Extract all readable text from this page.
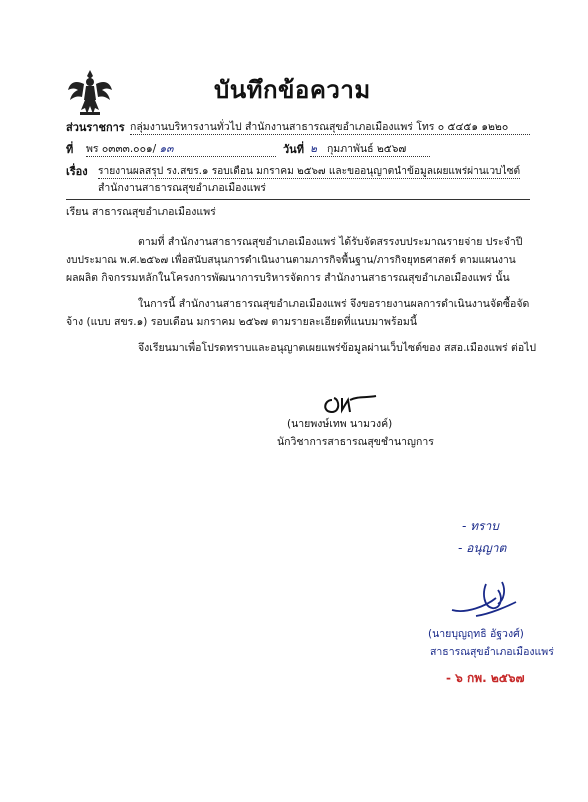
บันทึกข้อความ
ส่วนราชการ กลุ่มงานบริหารงานทั่วไป สำนักงานสาธารณสุขอำเภอเมืองแพร่ โทร ๐ ๕๔๕๑ ๑๒๒๐
ที่ พร ๐๓๓๓.๐๐๑/ ๑๓	วันที่ ๒ กุมภาพันธ์ ๒๕๖๗
เรื่อง รายงานผลสรุป รง.สขร.๑ รอบเดือน มกราคม ๒๕๖๗ และขออนุญาตนำข้อมูลเผยแพร่ผ่านเวบไซต์
สำนักงานสาธารณสุขอำเภอเมืองแพร่
เรียน สาธารณสุขอำเภอเมืองแพร่
ตามที่ สำนักงานสาธารณสุขอำเภอเมืองแพร่ ได้รับจัดสรรงบประมาณรายจ่าย ประจำปี
งบประมาณ พ.ศ.๒๕๖๗ เพื่อสนับสนุนการดำเนินงานตามภารกิจพื้นฐาน/ภารกิจยุทธศาสตร์ ตามแผนงาน
ผลผลิต กิจกรรมหลักในโครงการพัฒนาการบริหารจัดการ สำนักงานสาธารณสุขอำเภอเมืองแพร่ นั้น
ในการนี้ สำนักงานสาธารณสุขอำเภอเมืองแพร่ จึงขอรายงานผลการดำเนินงานจัดซื้อจัด
จ้าง (แบบ สขร.๑) รอบเดือน มกราคม ๒๕๖๗ ตามรายละเอียดที่แนบมาพร้อมนี้
จึงเรียนมาเพื่อโปรดทราบและอนุญาตเผยแพร่ข้อมูลผ่านเว็บไซต์ของ สสอ.เมืองแพร่ ต่อไป
(นายพงษ์เทพ นามวงค์)
นักวิชาการสาธารณสุขชำนาญการ
- ทราบ
- อนุญาต
(นายบุญฤทธิ อัฐวงศ์)
สาธารณสุขอำเภอเมืองแพร่
- ๖ กพ. ๒๕๖๗
